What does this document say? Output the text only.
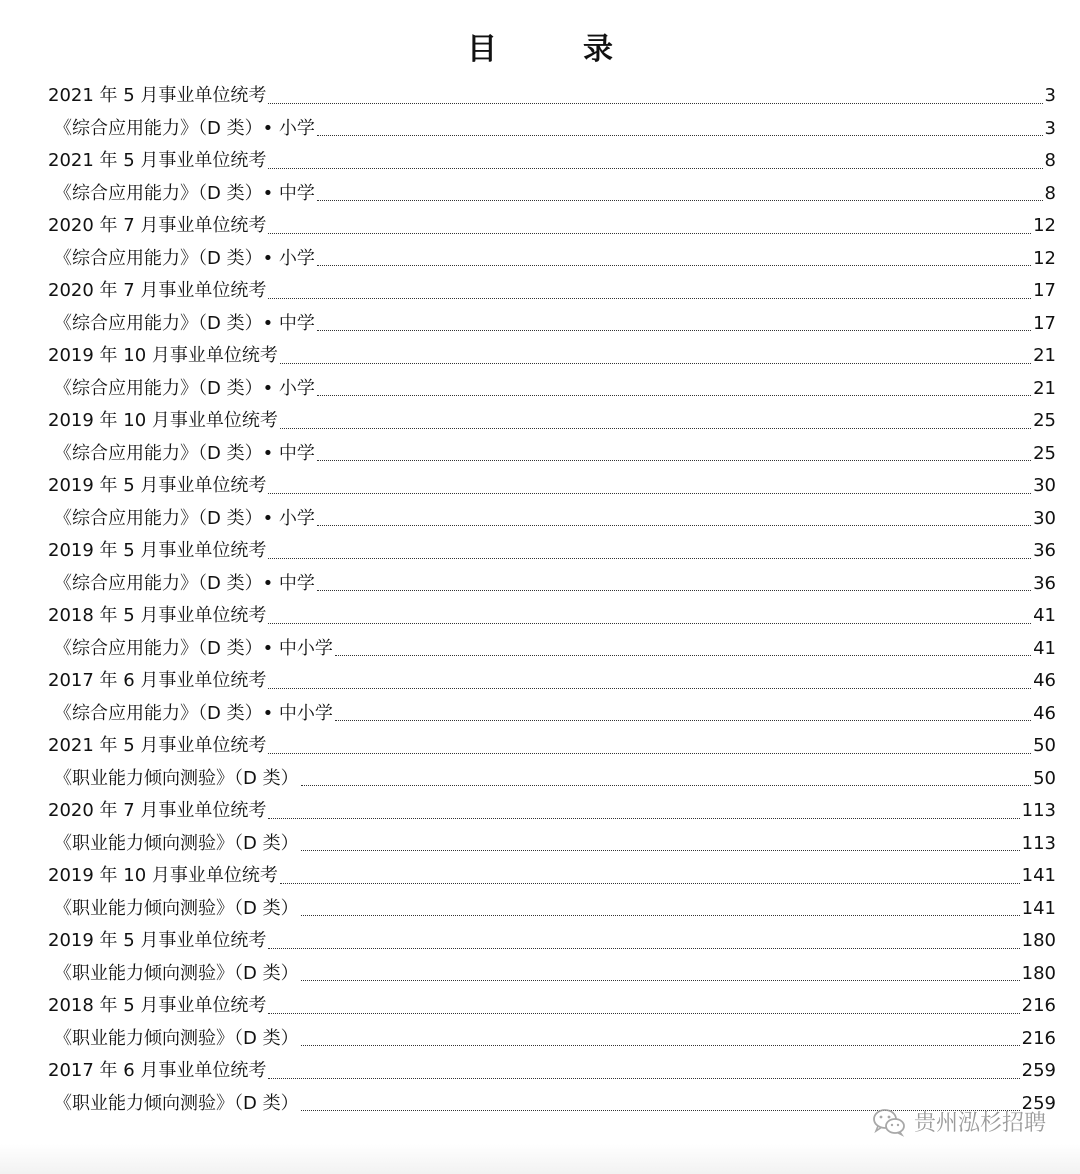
目　录
2021 年 5 月事业单位统考	3
《综合应用能力》（D 类）• 小学	3
2021 年 5 月事业单位统考	8
《综合应用能力》（D 类）• 中学	8
2020 年 7 月事业单位统考	12
《综合应用能力》（D 类）• 小学	12
2020 年 7 月事业单位统考	17
《综合应用能力》（D 类）• 中学	17
2019 年 10 月事业单位统考	21
《综合应用能力》（D 类）• 小学	21
2019 年 10 月事业单位统考	25
《综合应用能力》（D 类）• 中学	25
2019 年 5 月事业单位统考	30
《综合应用能力》（D 类）• 小学	30
2019 年 5 月事业单位统考	36
《综合应用能力》（D 类）• 中学	36
2018 年 5 月事业单位统考	41
《综合应用能力》（D 类）• 中小学	41
2017 年 6 月事业单位统考	46
《综合应用能力》（D 类）• 中小学	46
2021 年 5 月事业单位统考	50
《职业能力倾向测验》（D 类）	50
2020 年 7 月事业单位统考	113
《职业能力倾向测验》（D 类）	113
2019 年 10 月事业单位统考	141
《职业能力倾向测验》（D 类）	141
2019 年 5 月事业单位统考	180
《职业能力倾向测验》（D 类）	180
2018 年 5 月事业单位统考	216
《职业能力倾向测验》（D 类）	216
2017 年 6 月事业单位统考	259
《职业能力倾向测验》（D 类）	259
贵州泓杉招聘
